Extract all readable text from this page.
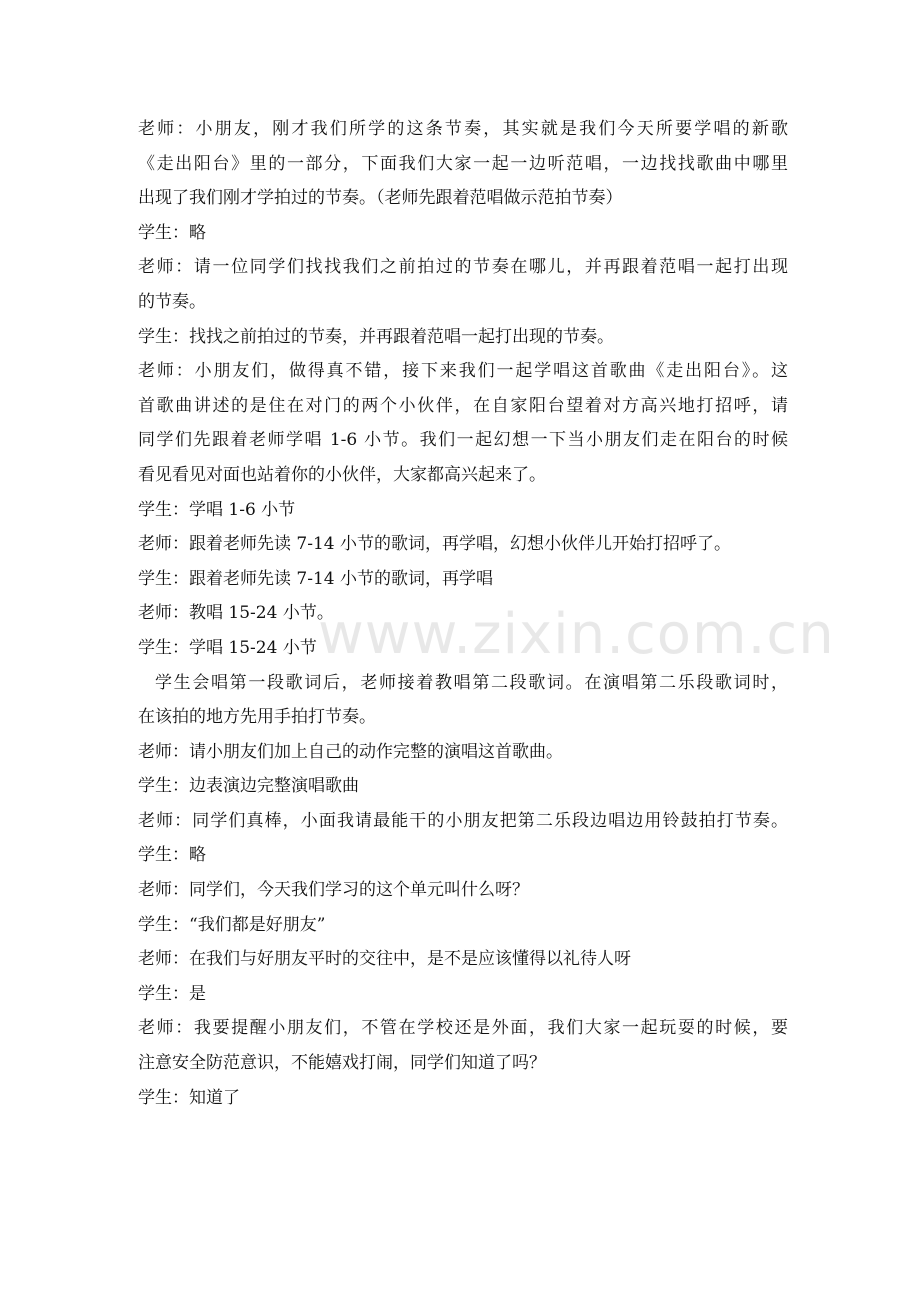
老师：小朋友，刚才我们所学的这条节奏，其实就是我们今天所要学唱的新歌
《走出阳台》里的一部分，下面我们大家一起一边听范唱，一边找找歌曲中哪里
出现了我们刚才学拍过的节奏。（老师先跟着范唱做示范拍节奏）
学生：略
老师：请一位同学们找找我们之前拍过的节奏在哪儿，并再跟着范唱一起打出现
的节奏。
学生：找找之前拍过的节奏，并再跟着范唱一起打出现的节奏。
老师：小朋友们，做得真不错，接下来我们一起学唱这首歌曲《走出阳台》。这
首歌曲讲述的是住在对门的两个小伙伴，在自家阳台望着对方高兴地打招呼，请
同学们先跟着老师学唱 1-6 小节。我们一起幻想一下当小朋友们走在阳台的时候
看见看见对面也站着你的小伙伴，大家都高兴起来了。
学生：学唱 1-6 小节
老师：跟着老师先读 7-14 小节的歌词，再学唱，幻想小伙伴儿开始打招呼了。
学生：跟着老师先读 7-14 小节的歌词，再学唱
老师：教唱 15-24 小节。
学生：学唱 15-24 小节
学生会唱第一段歌词后，老师接着教唱第二段歌词。在演唱第二乐段歌词时，
在该拍的地方先用手拍打节奏。
老师：请小朋友们加上自己的动作完整的演唱这首歌曲。
学生：边表演边完整演唱歌曲
老师：同学们真棒，小面我请最能干的小朋友把第二乐段边唱边用铃鼓拍打节奏。
学生：略
老师：同学们，今天我们学习的这个单元叫什么呀？
学生：“我们都是好朋友”
老师：在我们与好朋友平时的交往中，是不是应该懂得以礼待人呀
学生：是
老师：我要提醒小朋友们，不管在学校还是外面，我们大家一起玩耍的时候，要
注意安全防范意识，不能嬉戏打闹，同学们知道了吗？
学生：知道了
www.zixin.com.cn
